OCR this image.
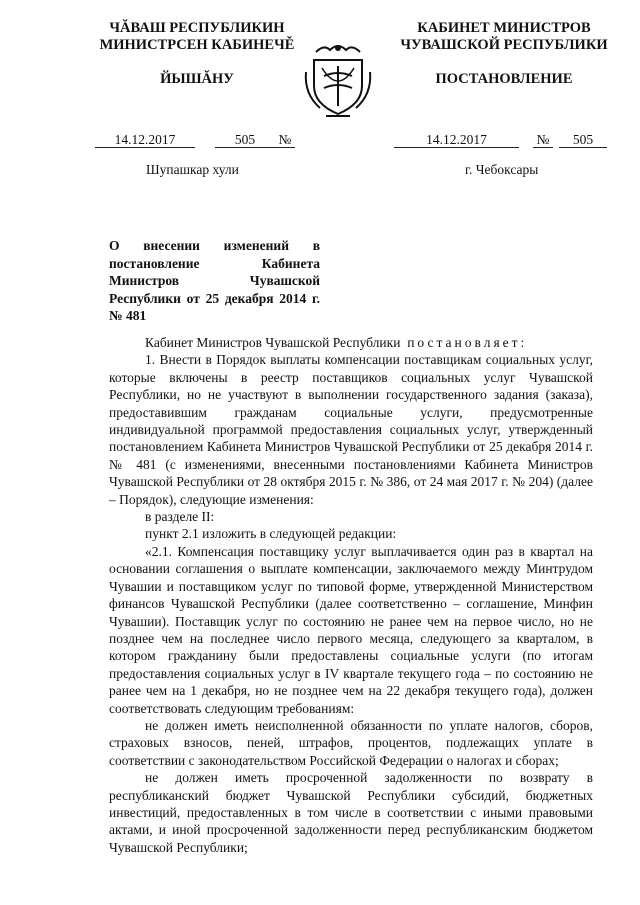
ЧĂВАШ РЕСПУБЛИКИН
МИНИСТРСЕН КАБИНЕЧĚ
ЙЫШĂНУ
КАБИНЕТ МИНИСТРОВ
ЧУВАШСКОЙ РЕСПУБЛИКИ
ПОСТАНОВЛЕНИЕ
14.12.2017	505 №	14.12.2017	№ 505
Шупашкар хули	г. Чебоксары
О внесении изменений в постановление Кабинета Министров Чувашской Республики от 25 декабря 2014 г. № 481

Кабинет Министров Чувашской Республики постановляет:

1. Внести в Порядок выплаты компенсации поставщикам социальных услуг, которые включены в реестр поставщиков социальных услуг Чувашской Республики, но не участвуют в выполнении государственного задания (заказа), предоставившим гражданам социальные услуги, предусмотренные индивидуальной программой предоставления социальных услуг, утвержденный постановлением Кабинета Министров Чувашской Республики от 25 декабря 2014 г. № 481 (с изменениями, внесенными постановлениями Кабинета Министров Чувашской Республики от 28 октября 2015 г. № 386, от 24 мая 2017 г. № 204) (далее – Порядок), следующие изменения:

в разделе II:

пункт 2.1 изложить в следующей редакции:

«2.1. Компенсация поставщику услуг выплачивается один раз в квартал на основании соглашения о выплате компенсации, заключаемого между Минтрудом Чувашии и поставщиком услуг по типовой форме, утвержденной Министерством финансов Чувашской Республики (далее соответственно – соглашение, Минфин Чувашии). Поставщик услуг по состоянию не ранее чем на первое число, но не позднее чем на последнее число первого месяца, следующего за кварталом, в котором гражданину были предоставлены социальные услуги (по итогам предоставления социальных услуг в IV квартале текущего года – по состоянию не ранее чем на 1 декабря, но не позднее чем на 22 декабря текущего года), должен соответствовать следующим требованиям:

не должен иметь неисполненной обязанности по уплате налогов, сборов, страховых взносов, пеней, штрафов, процентов, подлежащих уплате в соответствии с законодательством Российской Федерации о налогах и сборах;

не должен иметь просроченной задолженности по возврату в республиканский бюджет Чувашской Республики субсидий, бюджетных инвестиций, предоставленных в том числе в соответствии с иными правовыми актами, и иной просроченной задолженности перед республиканским бюджетом Чувашской Республики;
